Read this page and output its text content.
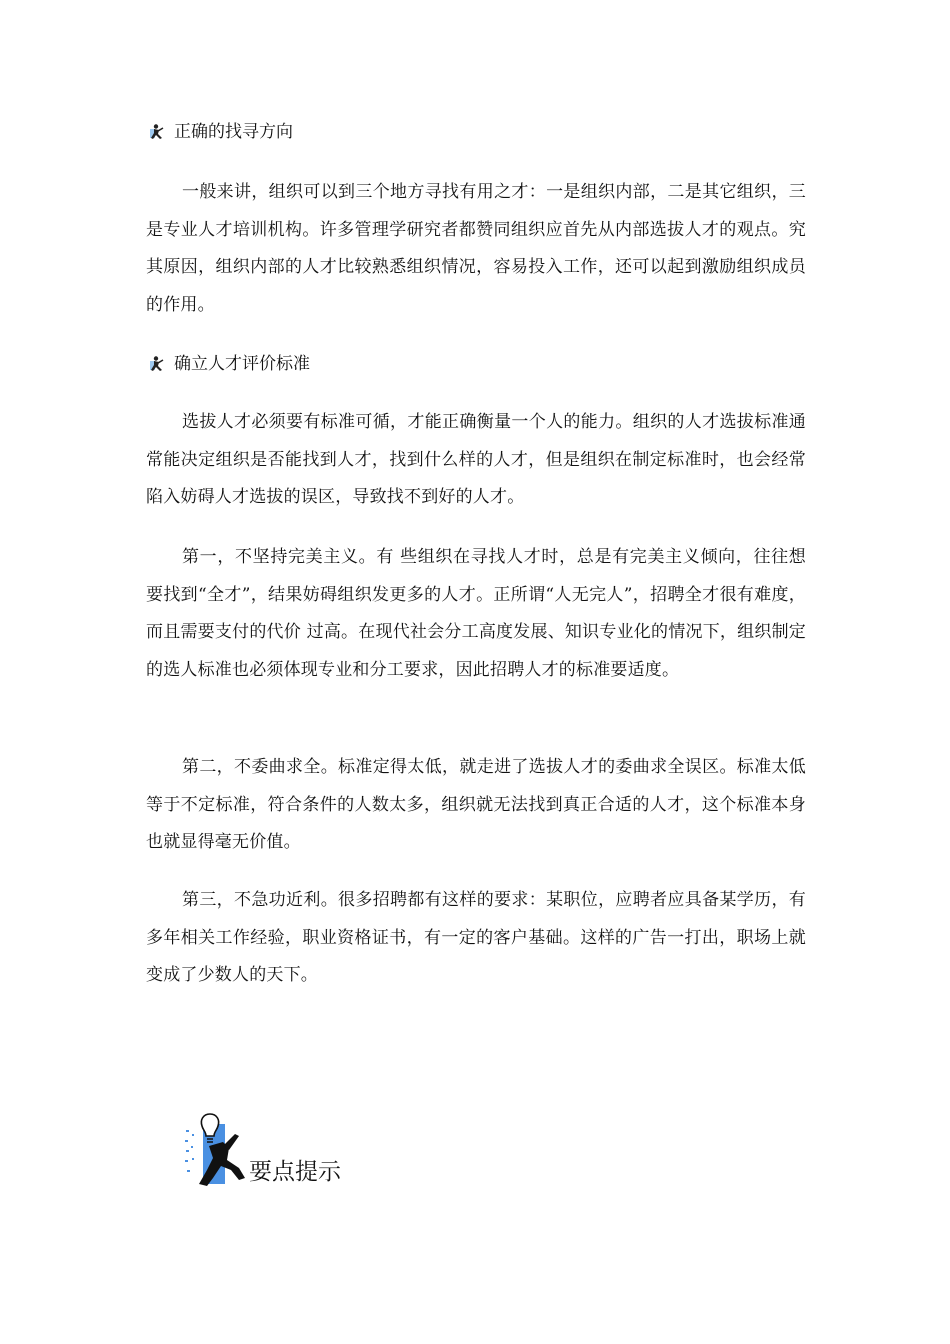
正确的找寻方向

一般来讲，组织可以到三个地方寻找有用之才：一是组织内部，二是其它组织，三是专业人才培训机构。许多管理学研究者都赞同组织应首先从内部选拔人才的观点。究其原因，组织内部的人才比较熟悉组织情况，容易投入工作，还可以起到激励组织成员的作用。

确立人才评价标准

选拔人才必须要有标准可循，才能正确衡量一个人的能力。组织的人才选拔标准通常能决定组织是否能找到人才，找到什么样的人才，但是组织在制定标准时，也会经常陷入妨碍人才选拔的误区，导致找不到好的人才。

第一，不坚持完美主义。有 些组织在寻找人才时，总是有完美主义倾向，往往想要找到“全才”，结果妨碍组织发更多的人才。正所谓“人无完人”，招聘全才很有难度，而且需要支付的代价 过高。在现代社会分工高度发展、知识专业化的情况下，组织制定的选人标准也必须体现专业和分工要求，因此招聘人才的标准要适度。

第二，不委曲求全。标准定得太低，就走进了选拔人才的委曲求全误区。标准太低等于不定标准，符合条件的人数太多，组织就无法找到真正合适的人才，这个标准本身也就显得毫无价值。

第三，不急功近利。很多招聘都有这样的要求：某职位，应聘者应具备某学历，有多年相关工作经验，职业资格证书，有一定的客户基础。这样的广告一打出，职场上就变成了少数人的天下。

要点提示
